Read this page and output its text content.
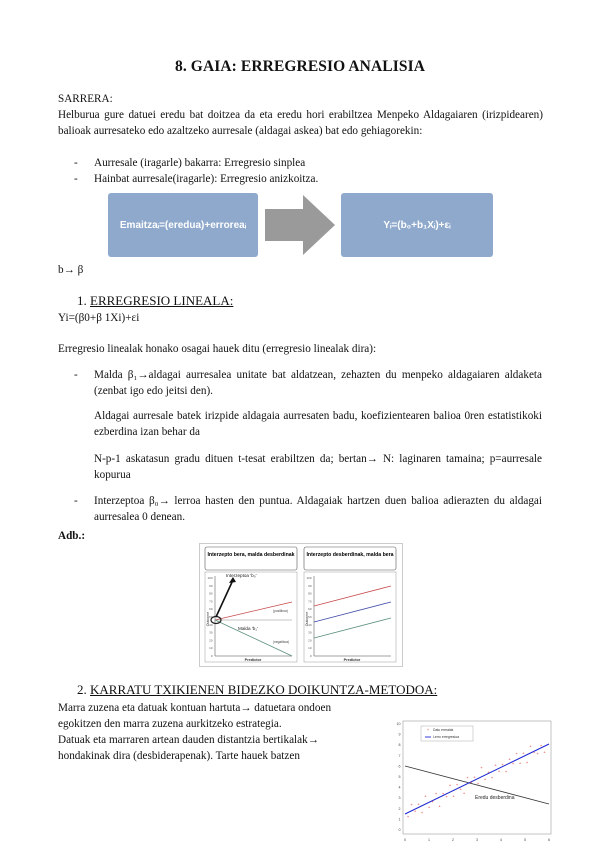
8. GAIA: ERREGRESIO ANALISIA
SARRERA:
Helburua gure datuei eredu bat doitzea da eta eredu hori erabiltzea Menpeko Aldagaiaren (irizpidearen) balioak aurresateko edo azaltzeko aurresale (aldagai askea) bat edo gehiagorekin:
- Aurresale (iragarle) bakarra: Erregresio sinplea
- Hainbat aurresale(iragarle): Erregresio anizkoitza.
Emaitzaᵢ=(eredua)+erroreaᵢ	Yᵢ=(b₀+b₁Xᵢ)+εᵢ
b→ β
1. ERREGRESIO LINEALA:
Yi=(β0+β 1Xi)+εi
Erregresio linealak honako osagai hauek ditu (erregresio linealak dira):
- Malda β₁→aldagai aurresalea unitate bat aldatzean, zehazten du menpeko aldagaiaren aldaketa (zenbat igo edo jeitsi den).
Aldagai aurresale batek irizpide aldagaia aurresaten badu, koefizientearen balioa 0ren estatistikoki ezberdina izan behar da
N-p-1 askatasun gradu dituen t-tesat erabiltzen da; bertan→ N: laginaren tamaina; p=aurresale kopurua
- Interzeptoa β₀→ lerroa hasten den puntua. Aldagaiak hartzen duen balioa adierazten du aldagai aurresalea 0 denean.
Adb.:
Interzepto bera, malda desberdinak Interzepto desberdinak, malda bera
100	100
90	90
80	80
70	70
60	60
50	50
40	40
30	30
20	20
10	10
0	0
Outcome
Predictor
Outcome
Predictor
Interzeptoa 'b₀'
Malda 'b₁'
(positiboa)
(negatiboa)
2. KARRATU TXIKIENEN BIDEZKO DOIKUNTZA-METODOA:
Marra zuzena eta datuak kontuan hartuta→ datuetara ondoen
egokitzen den marra zuzena aurkitzeko estrategia.
Datuak eta marraren artean dauden distantzia bertikalak→
hondakinak dira (desbiderapenak). Tarte hauek batzen
10
9
8
7
6
5
4
3
2
1
0
0	1	2	3	4	5	6
+ Datu errealak
Lerro erregresioa
+
+
+
+
+
+
+
+
+
+
+
+
+
+
+
+
+
+
+
+
+
+
+
+
+
+
+
+
+
+
+
+
+
+
+
+
+ +
+
+
Eredu desberdina
